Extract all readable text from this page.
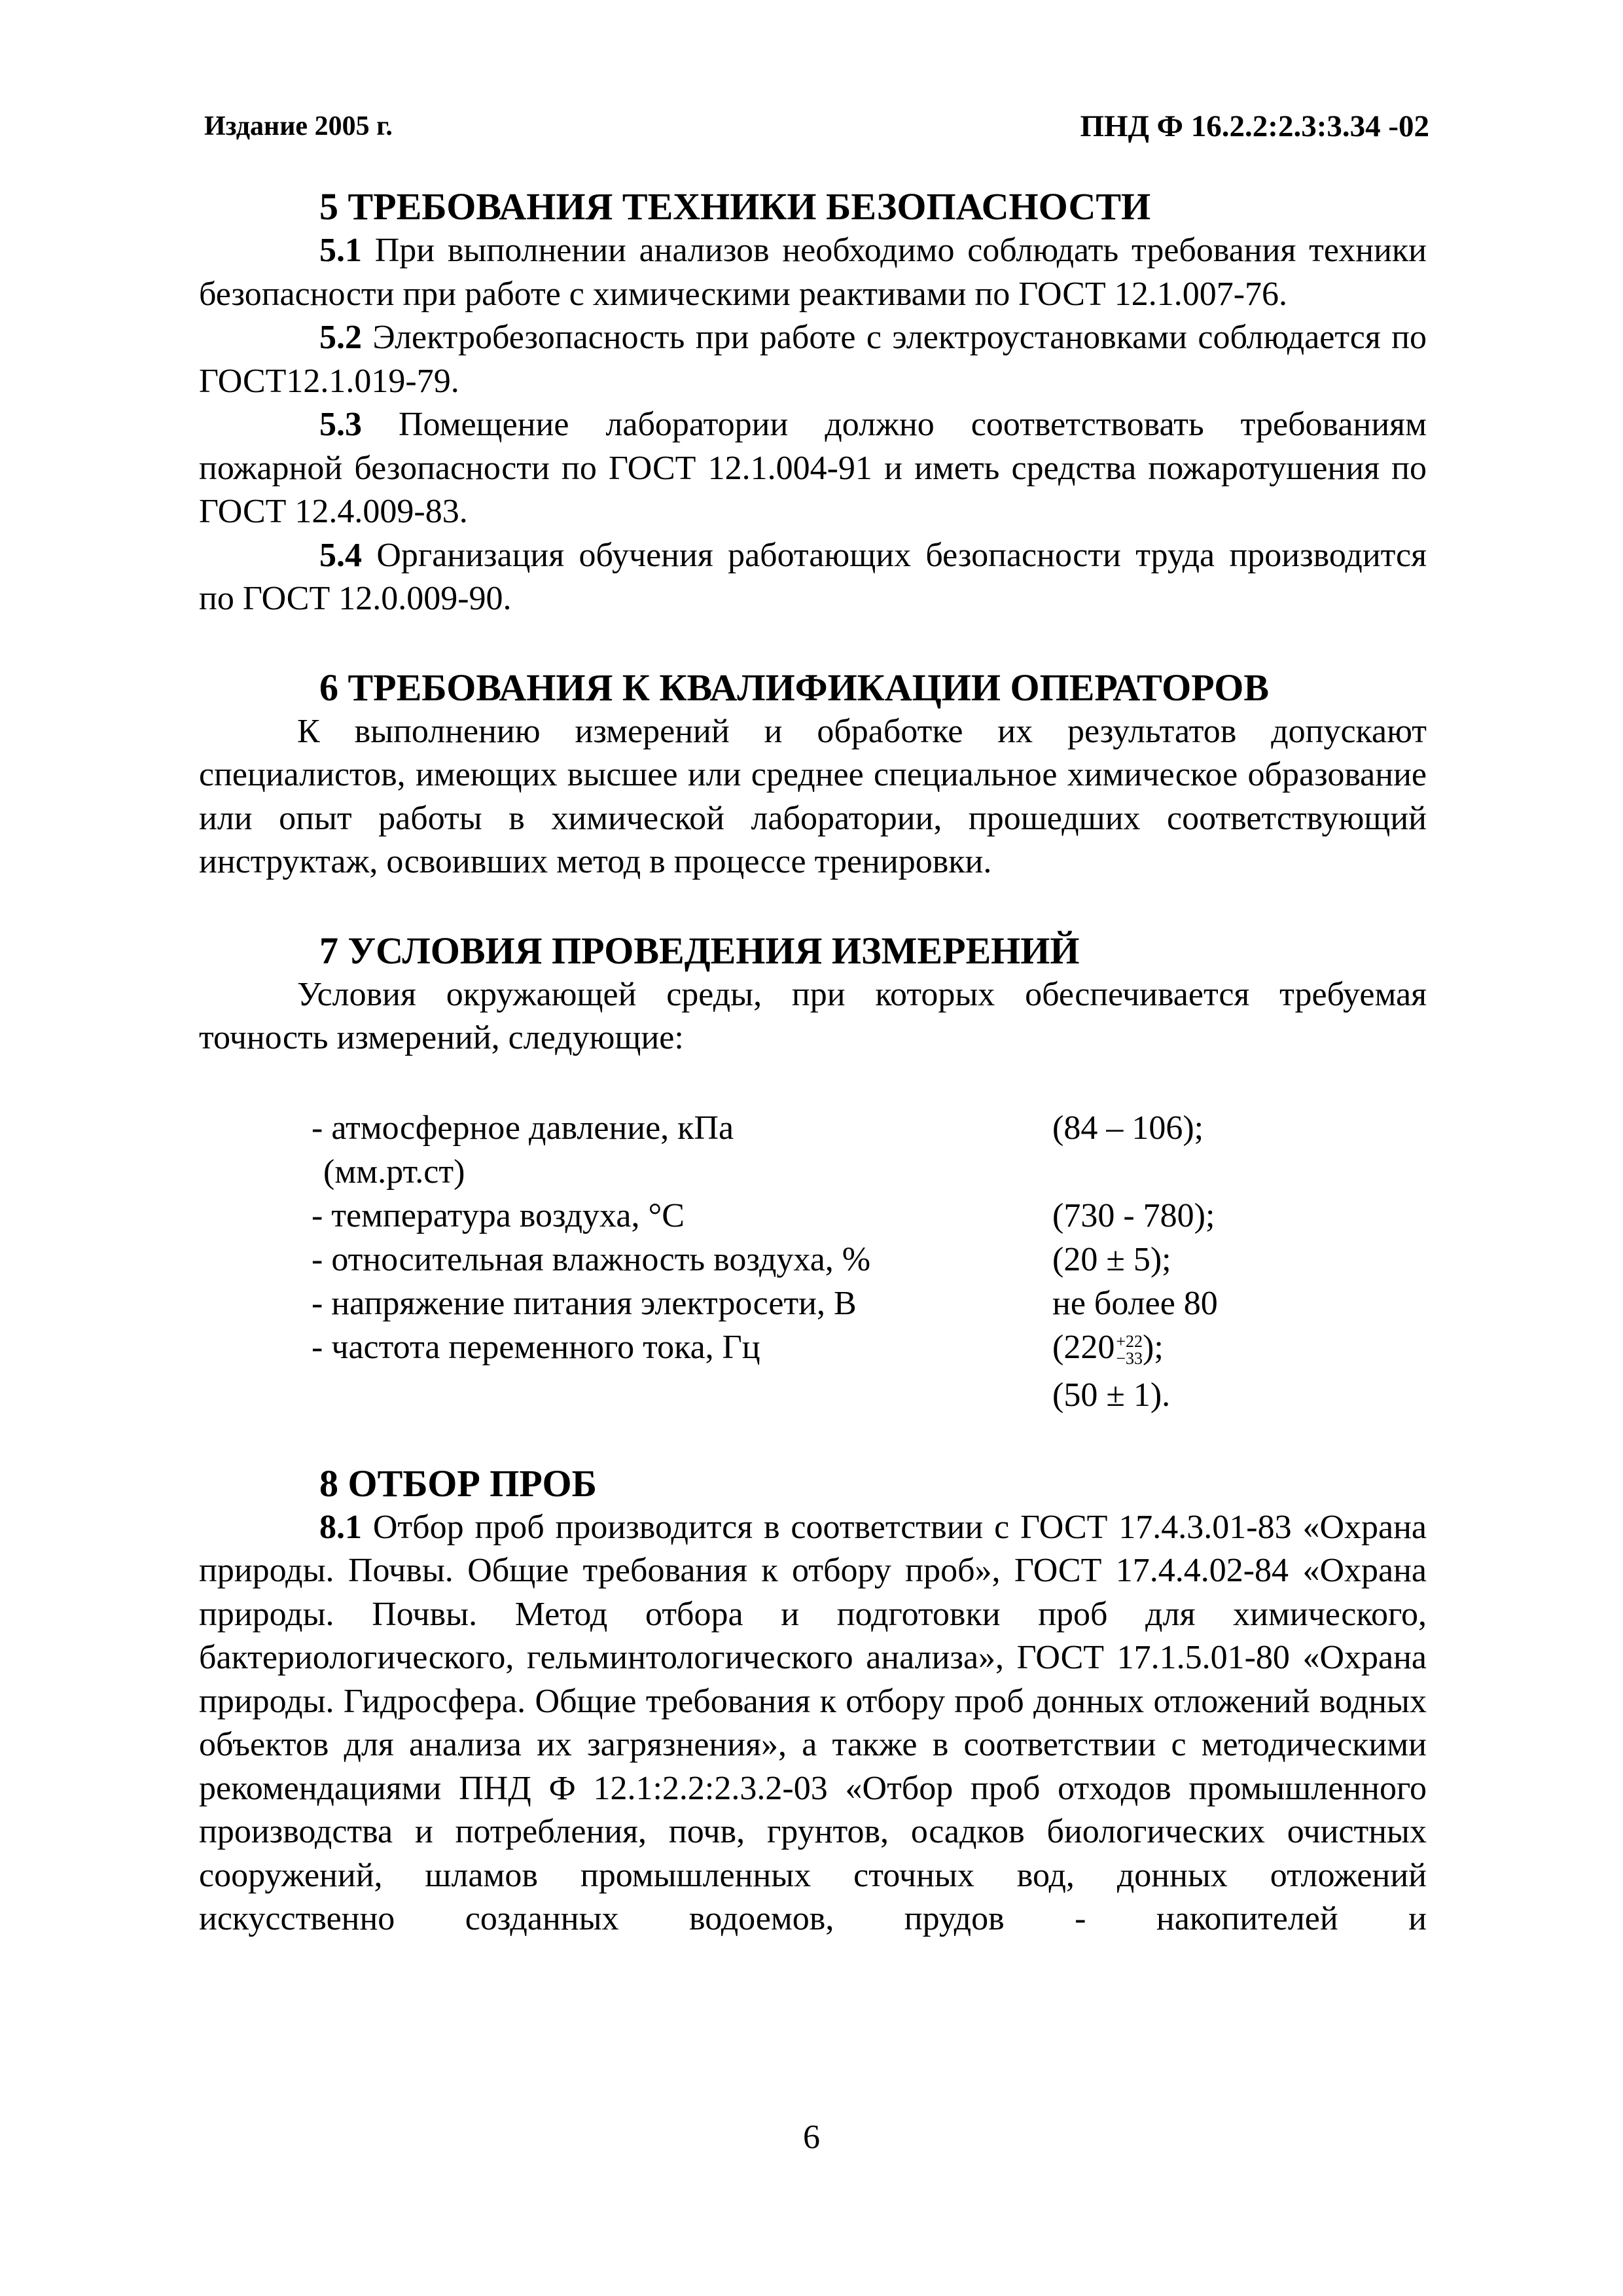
Издание 2005 г.	ПНД Ф 16.2.2:2.3:3.34 -02
5 ТРЕБОВАНИЯ ТЕХНИКИ БЕЗОПАСНОСТИ

5.1 При выполнении анализов необходимо соблюдать требования техники безопасности при работе с химическими реактивами по ГОСТ 12.1.007-76.

5.2 Электробезопасность при работе с электроустановками соблюдается по ГОСТ12.1.019-79.

5.3 Помещение лаборатории должно соответствовать требованиям пожарной безопасности по ГОСТ 12.1.004-91 и иметь средства пожаротушения по ГОСТ 12.4.009-83.

5.4 Организация обучения работающих безопасности труда производится по ГОСТ 12.0.009-90.

6 ТРЕБОВАНИЯ К КВАЛИФИКАЦИИ ОПЕРАТОРОВ

К выполнению измерений и обработке их результатов допускают специалистов, имеющих высшее или среднее специальное химическое образование или опыт работы в химической лаборатории, прошедших соответствующий инструктаж, освоивших метод в процессе тренировки.

7 УСЛОВИЯ ПРОВЕДЕНИЯ ИЗМЕРЕНИЙ

Условия окружающей среды, при которых обеспечивается требуемая точность измерений, следующие:

- атмосферное давление, кПа	(84 – 106);
(мм.рт.ст)
- температура воздуха, °С	(730 - 780);
- относительная влажность воздуха, %	(20 ± 5);
- напряжение питания электросети, В	не более 80
- частота переменного тока, Гц	(220+22
−33);
(50 ± 1).
8 ОТБОР ПРОБ

8.1 Отбор проб производится в соответствии с ГОСТ 17.4.3.01-83 «Охрана природы. Почвы. Общие требования к отбору проб», ГОСТ 17.4.4.02-84 «Охрана природы. Почвы. Метод отбора и подготовки проб для химического, бактериологического, гельминтологического анализа», ГОСТ 17.1.5.01-80 «Охрана природы. Гидросфера. Общие требования к отбору проб донных отложений водных объектов для анализа их загрязнения», а также в соответствии с методическими рекомендациями ПНД Ф 12.1:2.2:2.3.2-03 «Отбор проб отходов промышленного производства и потребления, почв, грунтов, осадков биологических очистных сооружений, шламов промышленных сточных вод, донных отложений искусственно созданных водоемов, прудов - накопителей и

6
